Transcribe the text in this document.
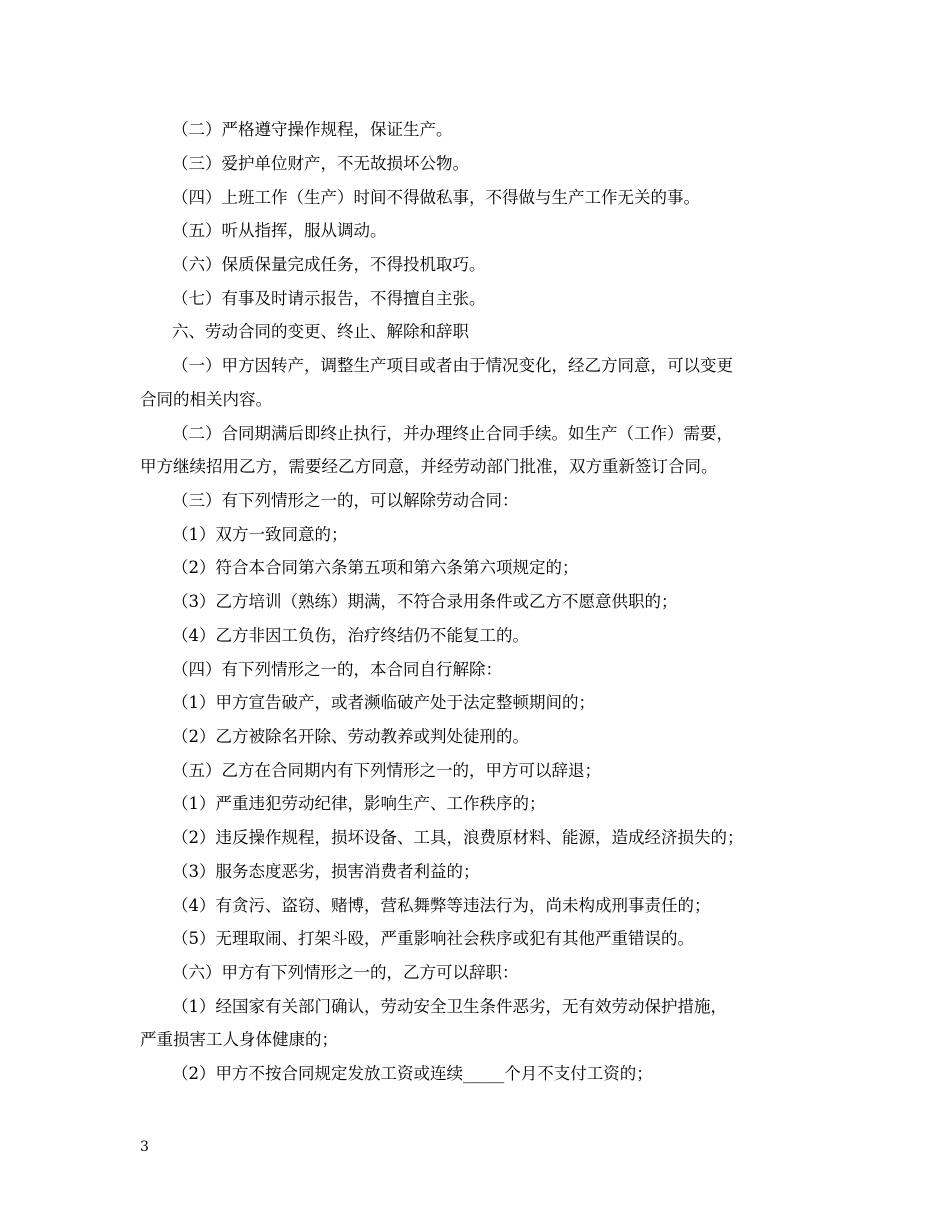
（二）严格遵守操作规程，保证生产。
（三）爱护单位财产，不无故损坏公物。
（四）上班工作（生产）时间不得做私事，不得做与生产工作无关的事。
（五）听从指挥，服从调动。
（六）保质保量完成任务，不得投机取巧。
（七）有事及时请示报告，不得擅自主张。
六、劳动合同的变更、终止、解除和辞职
（一）甲方因转产，调整生产项目或者由于情况变化，经乙方同意，可以变更
合同的相关内容。
（二）合同期满后即终止执行，并办理终止合同手续。如生产（工作）需要，
甲方继续招用乙方，需要经乙方同意，并经劳动部门批准，双方重新签订合同。
（三）有下列情形之一的，可以解除劳动合同：
（1）双方一致同意的；
（2）符合本合同第六条第五项和第六条第六项规定的；
（3）乙方培训（熟练）期满，不符合录用条件或乙方不愿意供职的；
（4）乙方非因工负伤，治疗终结仍不能复工的。
（四）有下列情形之一的，本合同自行解除：
（1）甲方宣告破产，或者濒临破产处于法定整顿期间的；
（2）乙方被除名开除、劳动教养或判处徒刑的。
（五）乙方在合同期内有下列情形之一的，甲方可以辞退；
（1）严重违犯劳动纪律，影响生产、工作秩序的；
（2）违反操作规程，损坏设备、工具，浪费原材料、能源，造成经济损失的；
（3）服务态度恶劣，损害消费者利益的；
（4）有贪污、盗窃、赌博，营私舞弊等违法行为，尚未构成刑事责任的；
（5）无理取闹、打架斗殴，严重影响社会秩序或犯有其他严重错误的。
（六）甲方有下列情形之一的，乙方可以辞职：
（1）经国家有关部门确认，劳动安全卫生条件恶劣，无有效劳动保护措施，
严重损害工人身体健康的；
（2）甲方不按合同规定发放工资或连续_____个月不支付工资的；
3
